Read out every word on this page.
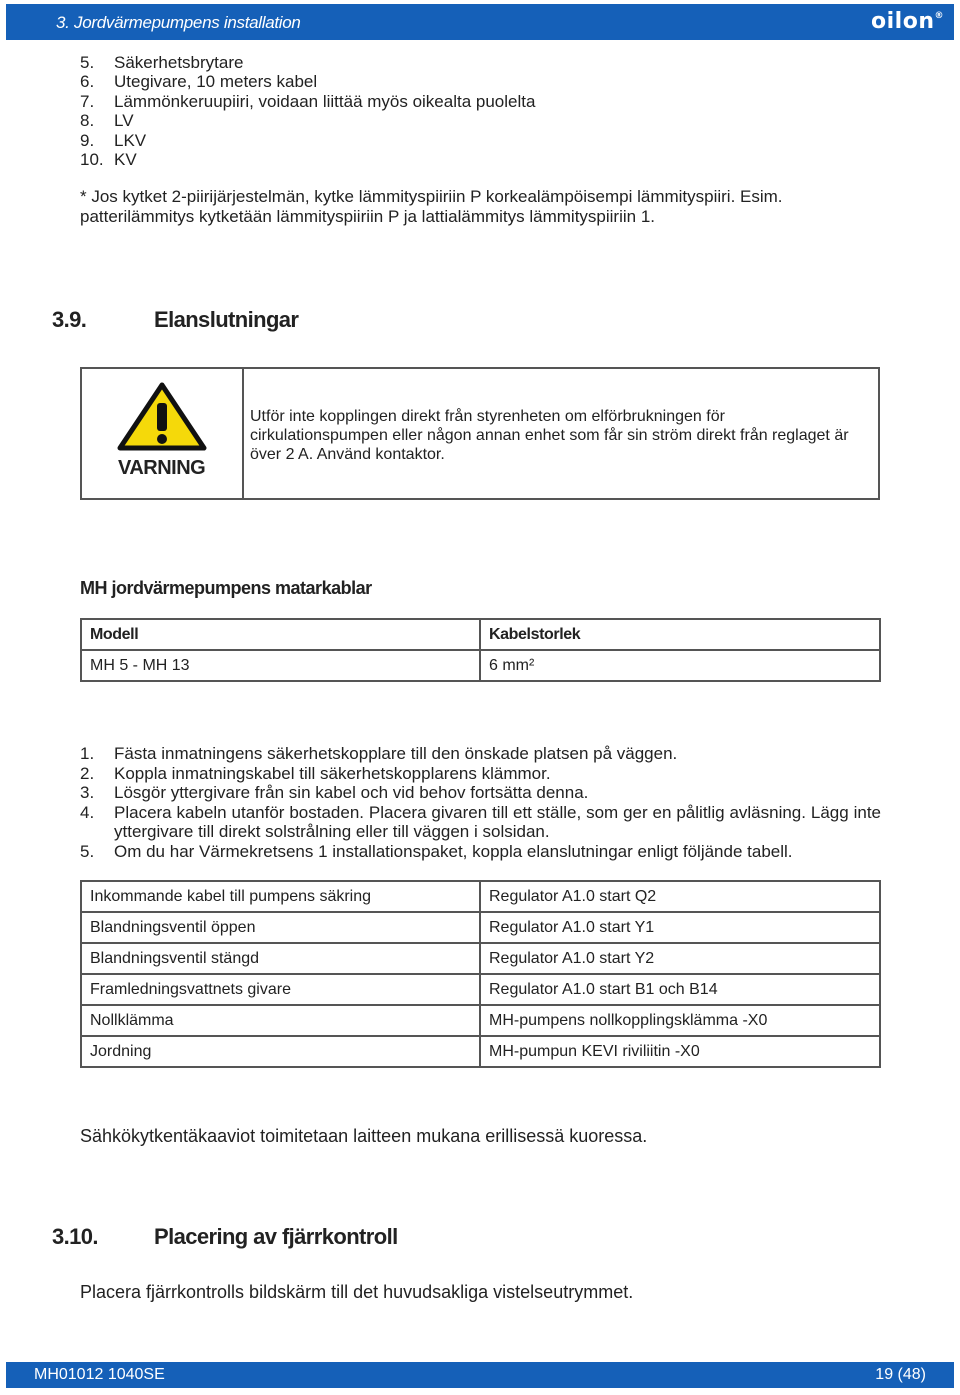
3. Jordvärmepumpens installation	oilon®
5.	Säkerhetsbrytare
6.	Utegivare, 10 meters kabel
7.	Lämmönkeruupiiri, voidaan liittää myös oikealta puolelta
8.	LV
9.	LKV
10. KV
* Jos kytket 2-piirijärjestelmän, kytke lämmityspiiriin P korkealämpöisempi lämmityspiiri. Esim. patterilämmitys kytketään lämmityspiiriin P ja lattialämmitys lämmityspiiriin 1.
3.9.	Elanslutningar
VARNING
Utför inte kopplingen direkt från styrenheten om elförbrukningen för cirkulationspumpen eller någon annan enhet som får sin ström direkt från reglaget är över 2 A. Använd kontaktor.
MH jordvärmepumpens matarkablar
Modell	Kabelstorlek
MH 5 - MH 13	6 mm²
1.	Fästa inmatningens säkerhetskopplare till den önskade platsen på väggen.
2.	Koppla inmatningskabel till säkerhetskopplarens klämmor.
3.	Lösgör yttergivare från sin kabel och vid behov fortsätta denna.
4.	Placera kabeln utanför bostaden. Placera givaren till ett ställe, som ger en pålitlig avläsning. Lägg inte yttergivare till direkt solstrålning eller till väggen i solsidan.
5.	Om du har Värmekretsens 1 installationspaket, koppla elanslutningar enligt följände tabell.
Inkommande kabel till pumpens säkring	Regulator A1.0 start Q2
Blandningsventil öppen	Regulator A1.0 start Y1
Blandningsventil stängd	Regulator A1.0 start Y2
Framledningsvattnets givare	Regulator A1.0 start B1 och B14
Nollklämma	MH-pumpens nollkopplingsklämma -X0
Jordning	MH-pumpun KEVI riviliitin -X0
Sähkökytkentäkaaviot toimitetaan laitteen mukana erillisessä kuoressa.
3.10.	Placering av fjärrkontroll
Placera fjärrkontrolls bildskärm till det huvudsakliga vistelseutrymmet.
MH01012 1040SE	19 (48)
